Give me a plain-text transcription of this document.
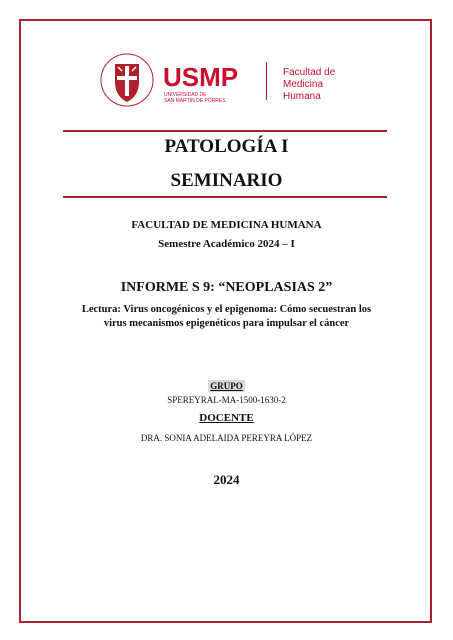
USMP
UNIVERSIDAD DE
SAN MARTÍN DE PORRES
Facultad de
Medicina
Humana
PATOLOGÍA I
SEMINARIO
FACULTAD DE MEDICINA HUMANA
Semestre Académico 2024 – I
INFORME S 9: “NEOPLASIAS 2”
Lectura: Virus oncogénicos y el epigenoma: Cómo secuestran los
virus mecanismos epigenéticos para impulsar el cáncer
GRUPO
SPEREYRAL-MA-1500-1630-2
DOCENTE
DRA. SONIA ADELAIDA PEREYRA LÓPEZ
2024
